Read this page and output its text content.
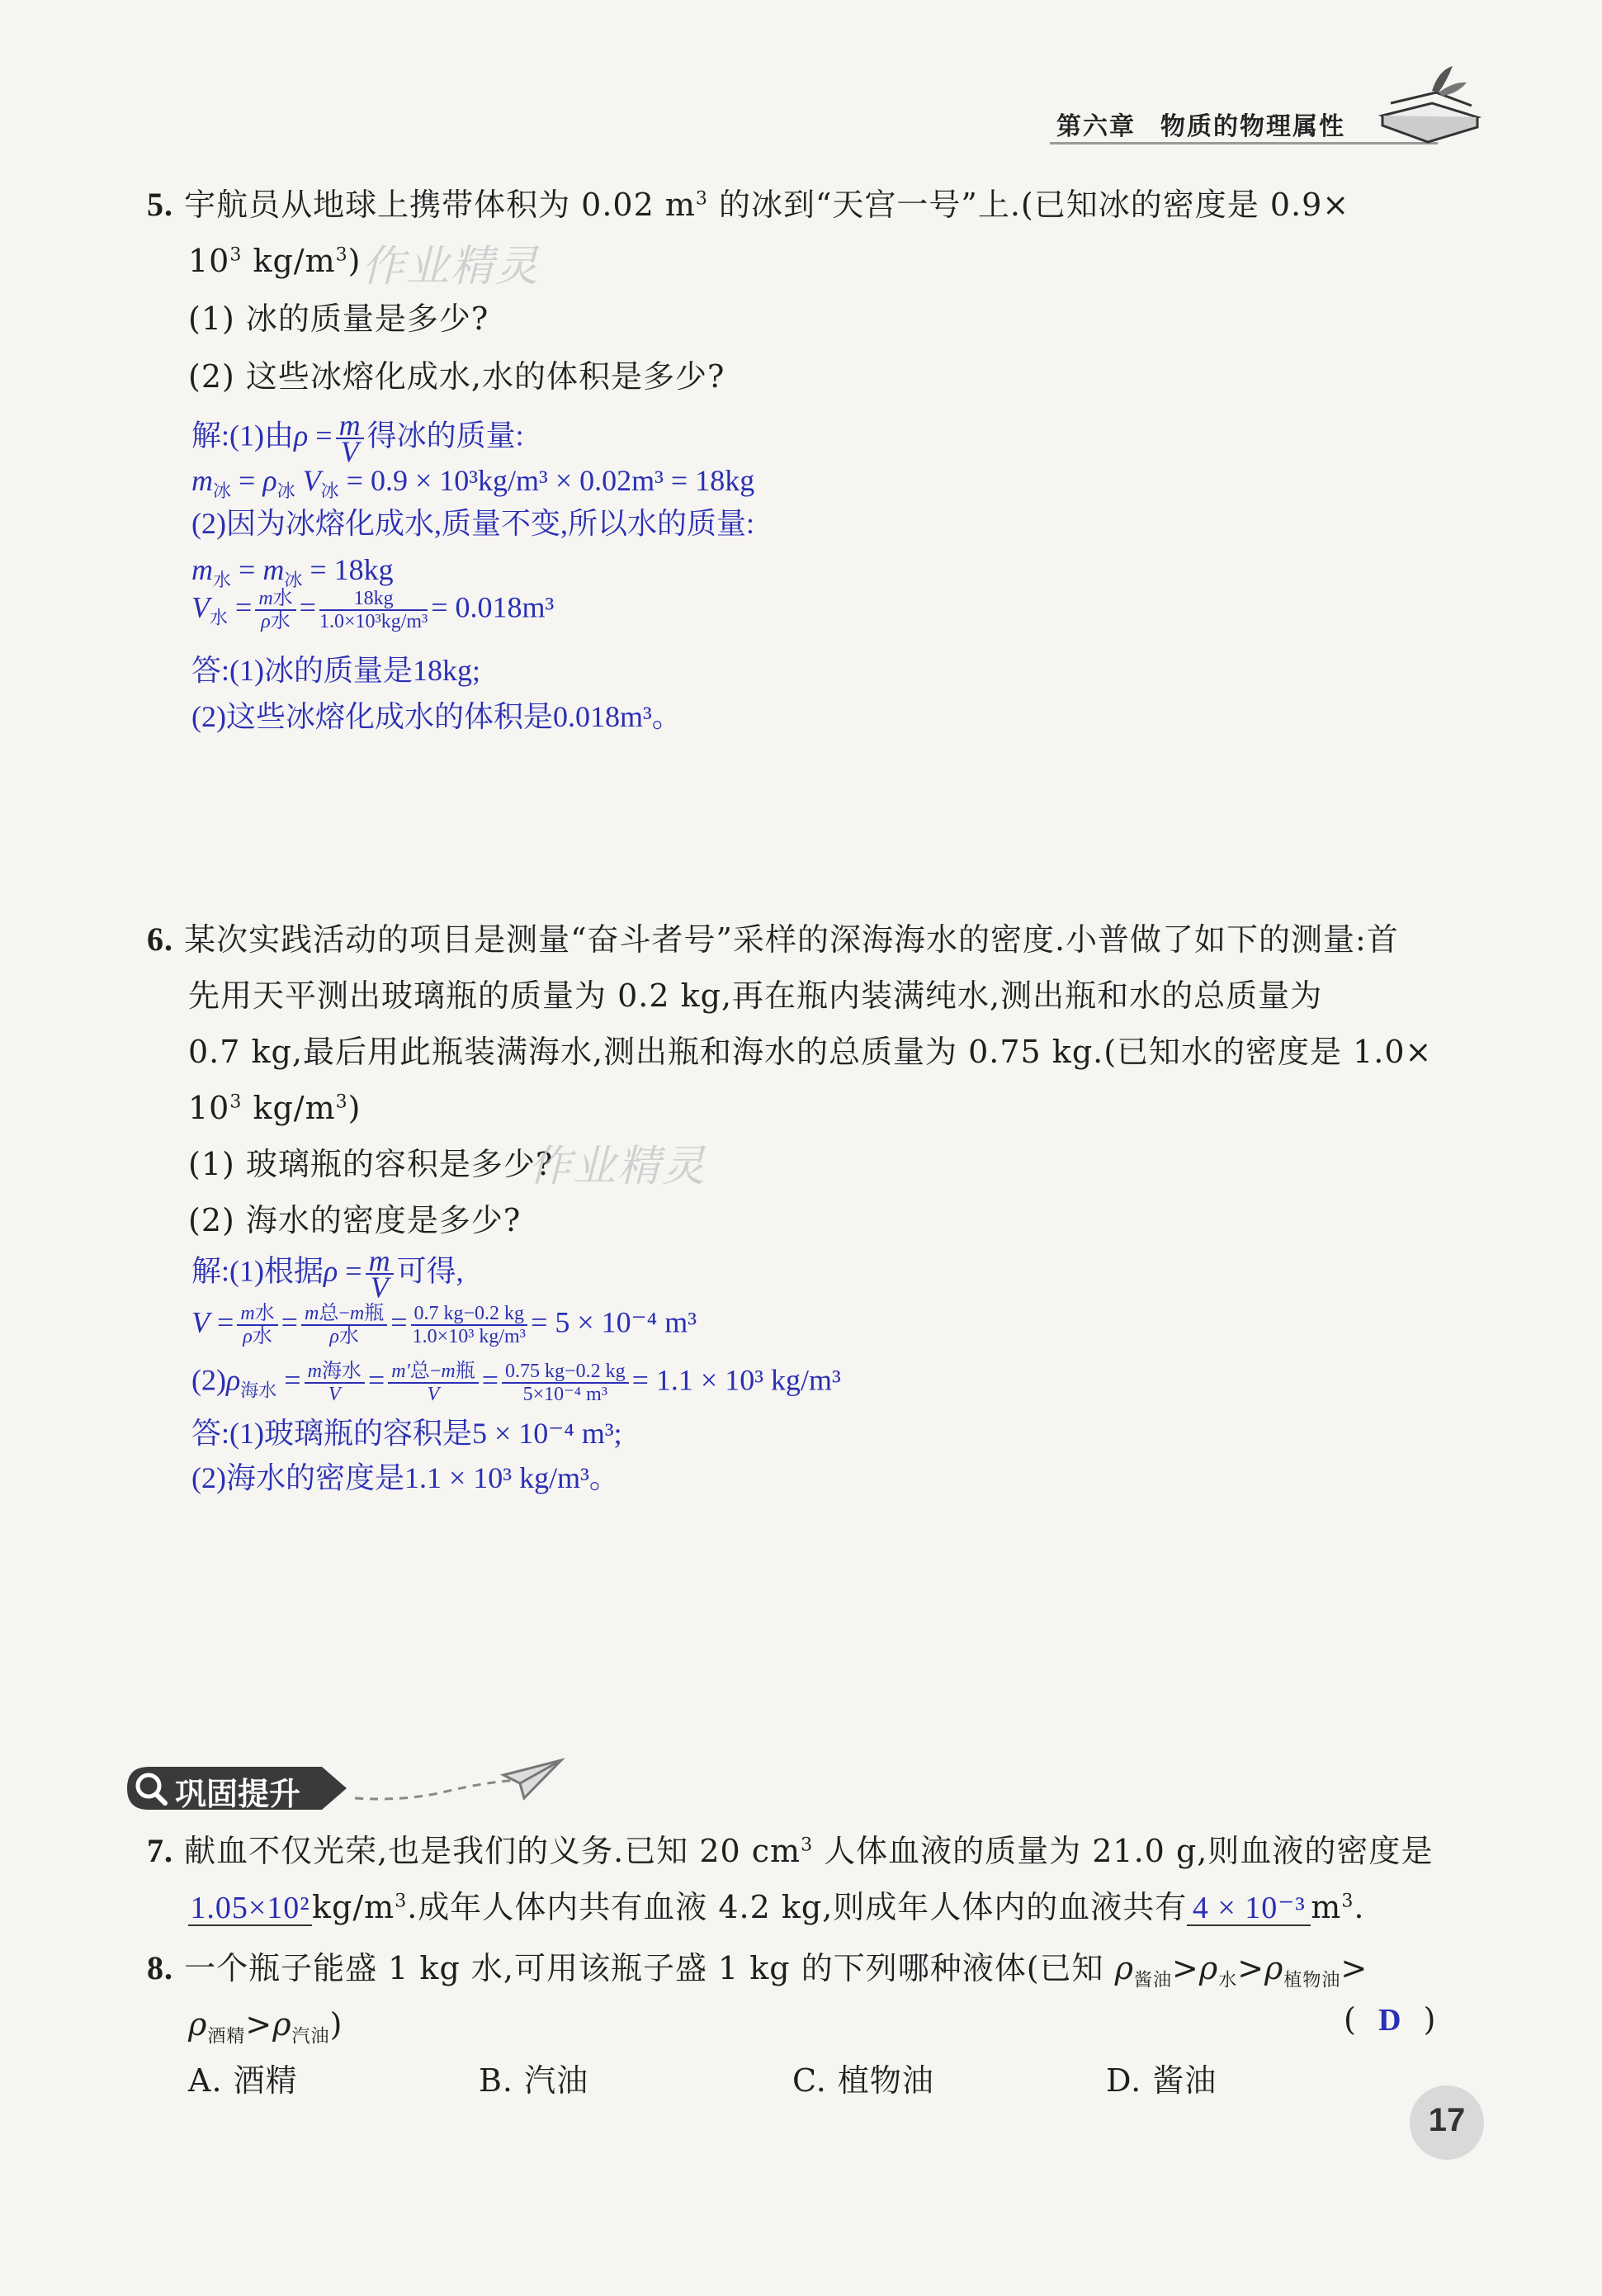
第六章 物质的物理属性
5. 宇航员从地球上携带体积为 0.02 $m^3$ 的冰到“天宫一号”上.(已知冰的密度是 0.9×
$10^3$ $kg/m^3$) 作业精灵
(1) 冰的质量是多少?
(2) 这些冰熔化成水,水的体积是多少?
解:(1)由$\rho = \frac{m}{V}$ 得冰的质量:
$m_冰 = \rho_冰$ $V_冰 = 0.9 \times 10^3kg/m^3 \times 0.02m^3 = 18kg$
(2)因为冰熔化成水,质量不变,所以水的质量:
$m_水 = m_冰 = 18kg$
$V_水 = \frac{\text{m水}}{\text{ρ水}} = \frac{18kg}{\text{1.0×10³kg/m³}} = 0.018m^3$
答:(1)冰的质量是18kg;
(2)这些冰熔化成水的体积是0.018m³。
6. 某次实践活动的项目是测量“奋斗者号”采样的深海海水的密度.小普做了如下的测量:首
先用天平测出玻璃瓶的质量为 0.2 kg,再在瓶内装满纯水,测出瓶和水的总质量为
0.7 kg,最后用此瓶装满海水,测出瓶和海水的总质量为 0.75 kg.(已知水的密度是 1.0×
$10^3$ $kg/m^3$)
(1) 玻璃瓶的容积是多少?
作业精灵
(2) 海水的密度是多少?
解:(1)根据$\rho = \frac{m}{V}$ 可得,
$V = \frac{\text{m水}}{\text{ρ水}} = \frac{\text{m总−m瓶}}{\text{ρ水}} = \frac{0.7 kg-0.2 kg}{\text{1.0×10³ kg/m³}} = 5 \times 10^{-4}$ m³
$(2)\rho_{海水} = \frac{\text{m海水}}{V} = \frac{\text{m′总−m瓶}}{V} = \frac{0.75 kg-0.2 kg}{\text{5×10⁻⁴ m³}} = 1.1 \times 10^3$ kg/m³
答:(1)玻璃瓶的容积是5 × 10⁻⁴ m³;
(2)海水的密度是1.1 × 10³ kg/m³。
巩固提升
7. 献血不仅光荣,也是我们的义务.已知 20 $cm^3$ 人体血液的质量为 21.0 g,则血液的密度是
$1.05\times 10^2kg/m^3$.成年人体内共有血液 4.2 kg,则成年人体内的血液共有 4 × 10⁻³ $m^3$.
8. 一个瓶子能盛 1 kg 水,可用该瓶子盛 1 kg 的下列哪种液体(已知 $\rho_{酱油}>\rho_水>\rho_{植物油}>$
$\rho_{酒精}>\rho_{汽油}$)	(  D  )
A. 酒精	B. 汽油	C. 植物油	D. 酱油
17
